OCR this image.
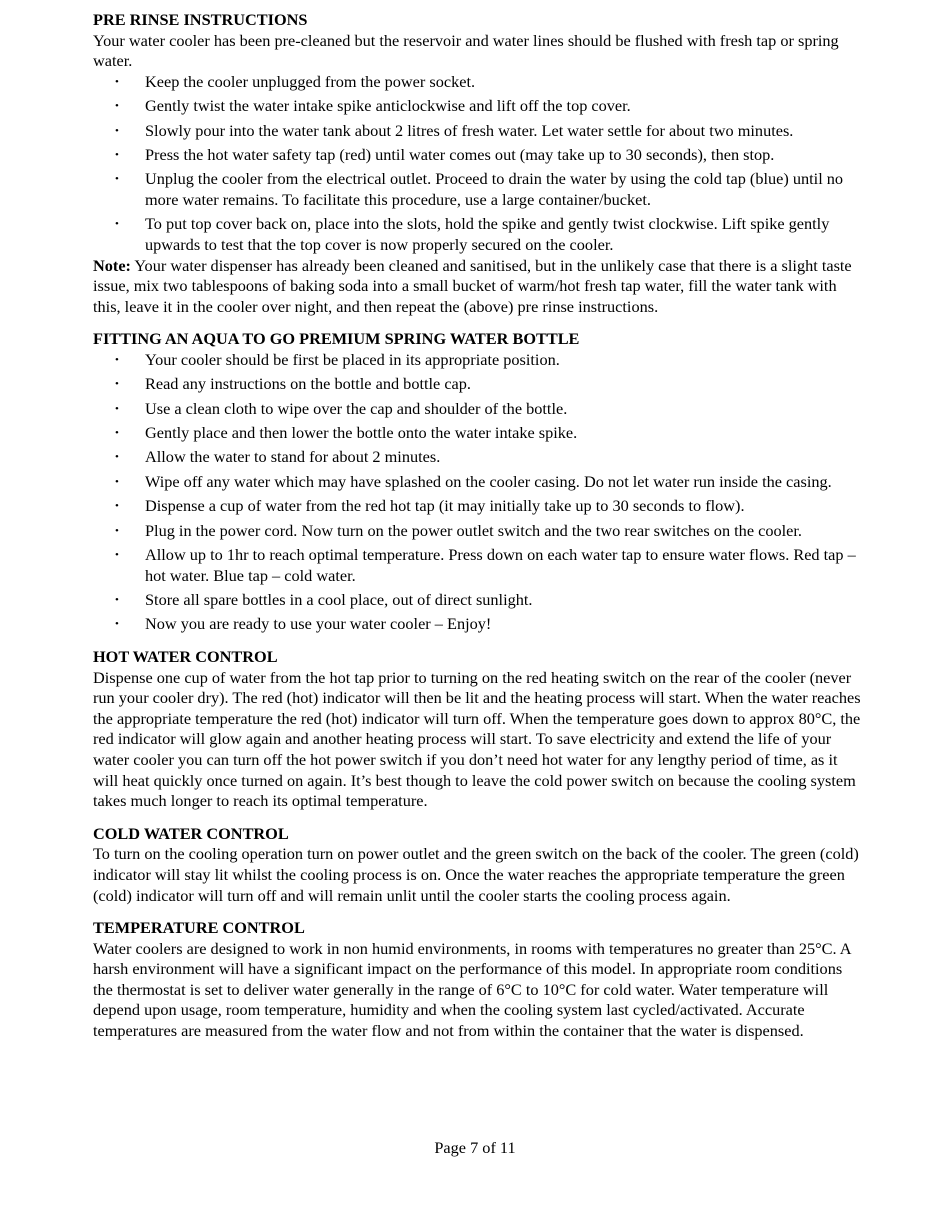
PRE RINSE INSTRUCTIONS

Your water cooler has been pre-cleaned but the reservoir and water lines should be flushed with fresh tap or spring water.

• Keep the cooler unplugged from the power socket.
• Gently twist the water intake spike anticlockwise and lift off the top cover.
• Slowly pour into the water tank about 2 litres of fresh water. Let water settle for about two minutes.
• Press the hot water safety tap (red) until water comes out (may take up to 30 seconds), then stop.
• Unplug the cooler from the electrical outlet. Proceed to drain the water by using the cold tap (blue) until no more water remains. To facilitate this procedure, use a large container/bucket.
• To put top cover back on, place into the slots, hold the spike and gently twist clockwise. Lift spike gently upwards to test that the top cover is now properly secured on the cooler.

Note: Your water dispenser has already been cleaned and sanitised, but in the unlikely case that there is a slight taste issue, mix two tablespoons of baking soda into a small bucket of warm/hot fresh tap water, fill the water tank with this, leave it in the cooler over night, and then repeat the (above) pre rinse instructions.

FITTING AN AQUA TO GO PREMIUM SPRING WATER BOTTLE
• Your cooler should be first be placed in its appropriate position.
• Read any instructions on the bottle and bottle cap.
• Use a clean cloth to wipe over the cap and shoulder of the bottle.
• Gently place and then lower the bottle onto the water intake spike.
• Allow the water to stand for about 2 minutes.
• Wipe off any water which may have splashed on the cooler casing. Do not let water run inside the casing.
• Dispense a cup of water from the red hot tap (it may initially take up to 30 seconds to flow).
• Plug in the power cord. Now turn on the power outlet switch and the two rear switches on the cooler.
• Allow up to 1hr to reach optimal temperature. Press down on each water tap to ensure water flows. Red tap – hot water. Blue tap – cold water.
• Store all spare bottles in a cool place, out of direct sunlight.
• Now you are ready to use your water cooler – Enjoy!
HOT WATER CONTROL

Dispense one cup of water from the hot tap prior to turning on the red heating switch on the rear of the cooler (never run your cooler dry). The red (hot) indicator will then be lit and the heating process will start. When the water reaches the appropriate temperature the red (hot) indicator will turn off. When the temperature goes down to approx 80°C, the red indicator will glow again and another heating process will start. To save electricity and extend the life of your water cooler you can turn off the hot power switch if you don’t need hot water for any lengthy period of time, as it will heat quickly once turned on again. It’s best though to leave the cold power switch on because the cooling system takes much longer to reach its optimal temperature.

COLD WATER CONTROL

To turn on the cooling operation turn on power outlet and the green switch on the back of the cooler. The green (cold) indicator will stay lit whilst the cooling process is on. Once the water reaches the appropriate temperature the green (cold) indicator will turn off and will remain unlit until the cooler starts the cooling process again.

TEMPERATURE CONTROL

Water coolers are designed to work in non humid environments, in rooms with temperatures no greater than 25°C. A harsh environment will have a significant impact on the performance of this model. In appropriate room conditions the thermostat is set to deliver water generally in the range of 6°C to 10°C for cold water. Water temperature will depend upon usage, room temperature, humidity and when the cooling system last cycled/activated. Accurate temperatures are measured from the water flow and not from within the container that the water is dispensed.

Page 7 of 11
